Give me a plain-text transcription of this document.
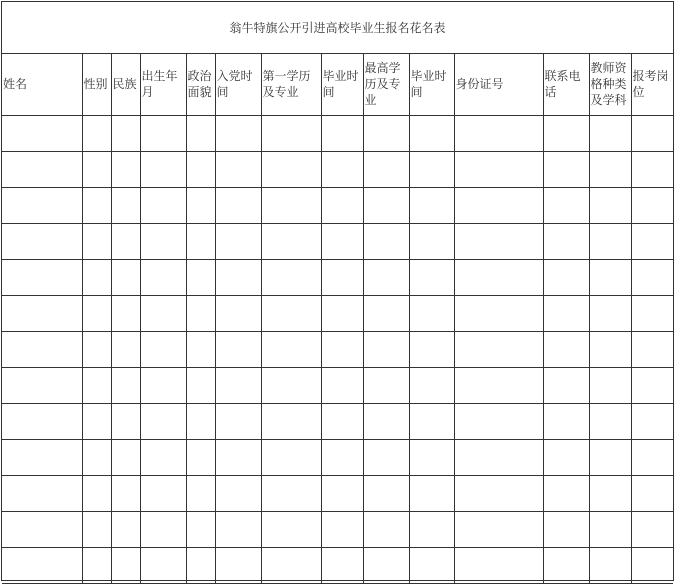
翁牛特旗公开引进高校毕业生报名花名表
姓名	性别	民族	出生年月	政治面貌	入党时间	第一学历及专业	毕业时间	最高学历及专业	毕业时间	身份证号	联系电话	教师资格种类及学科	报考岗位
